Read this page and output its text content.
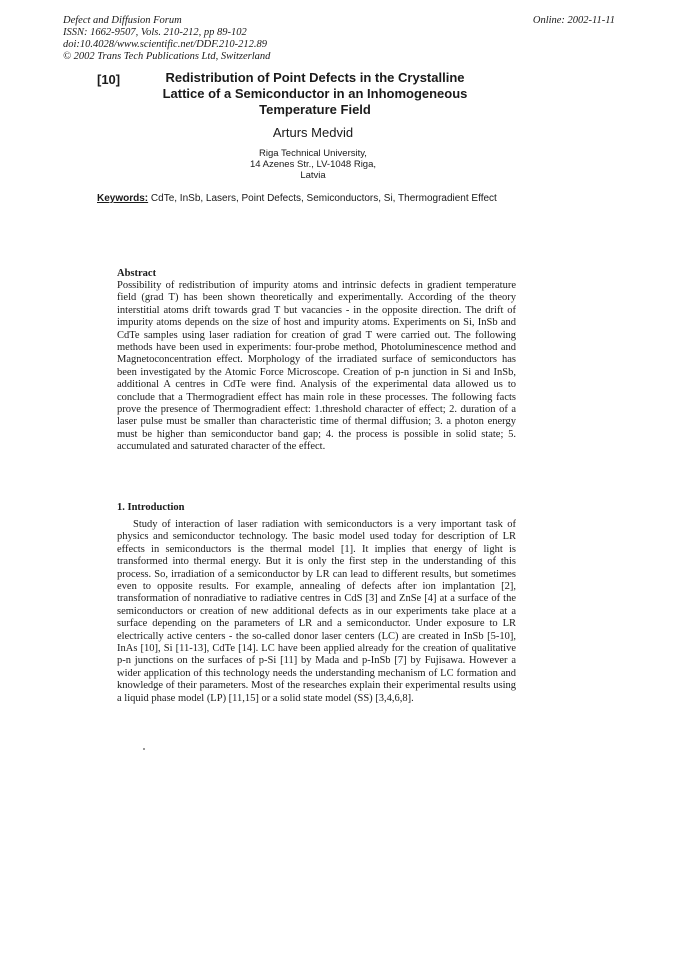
Defect and Diffusion Forum
ISSN: 1662-9507, Vols. 210-212, pp 89-102
doi:10.4028/www.scientific.net/DDF.210-212.89
© 2002 Trans Tech Publications Ltd, Switzerland
Online: 2002-11-11
[10]	Redistribution of Point Defects in the Crystalline Lattice of a Semiconductor in an Inhomogeneous Temperature Field
Arturs Medvid
Riga Technical University,
14 Azenes Str., LV-1048 Riga,
Latvia
Keywords: CdTe, InSb, Lasers, Point Defects, Semiconductors, Si, Thermogradient Effect
Abstract
Possibility of redistribution of impurity atoms and intrinsic defects in gradient temperature field (grad T) has been shown theoretically and experimentally. According of the theory interstitial atoms drift towards grad T but vacancies - in the opposite direction. The drift of impurity atoms depends on the size of host and impurity atoms. Experiments on Si, InSb and CdTe samples using laser radiation for creation of grad T were carried out. The following methods have been used in experiments: four-probe method, Photoluminescence method and Magnetoconcentration effect. Morphology of the irradiated surface of semiconductors has been investigated by the Atomic Force Microscope. Creation of p-n junction in Si and InSb, additional A centres in CdTe were find. Analysis of the experimental data allowed us to conclude that a Thermogradient effect has main role in these processes. The following facts prove the presence of Thermogradient effect: 1.threshold character of effect; 2. duration of a laser pulse must be smaller than characteristic time of thermal diffusion; 3. a photon energy must be higher than semiconductor band gap; 4. the process is possible in solid state; 5. accumulated and saturated character of the effect.
1. Introduction
Study of interaction of laser radiation with semiconductors is a very important task of physics and semiconductor technology. The basic model used today for description of LR effects in semiconductors is the thermal model [1]. It implies that energy of light is transformed into thermal energy. But it is only the first step in the understanding of this process. So, irradiation of a semiconductor by LR can lead to different results, but sometimes even to opposite results. For example, annealing of defects after ion implantation [2], transformation of nonradiative to radiative centres in CdS [3] and ZnSe [4] at a surface of the semiconductors or creation of new additional defects as in our experiments take place at a surface depending on the parameters of LR and a semiconductor. Under exposure to LR electrically active centers - the so-called donor laser centers (LC) are created in InSb [5-10], InAs [10], Si [11-13], CdTe [14]. LC have been applied already for the creation of qualitative p-n junctions on the surfaces of p-Si [11] by Mada and p-InSb [7] by Fujisawa. However a wider application of this technology needs the understanding mechanism of LC formation and knowledge of their parameters. Most of the researches explain their experimental results using a liquid phase model (LP) [11,15] or a solid state model (SS) [3,4,6,8].
